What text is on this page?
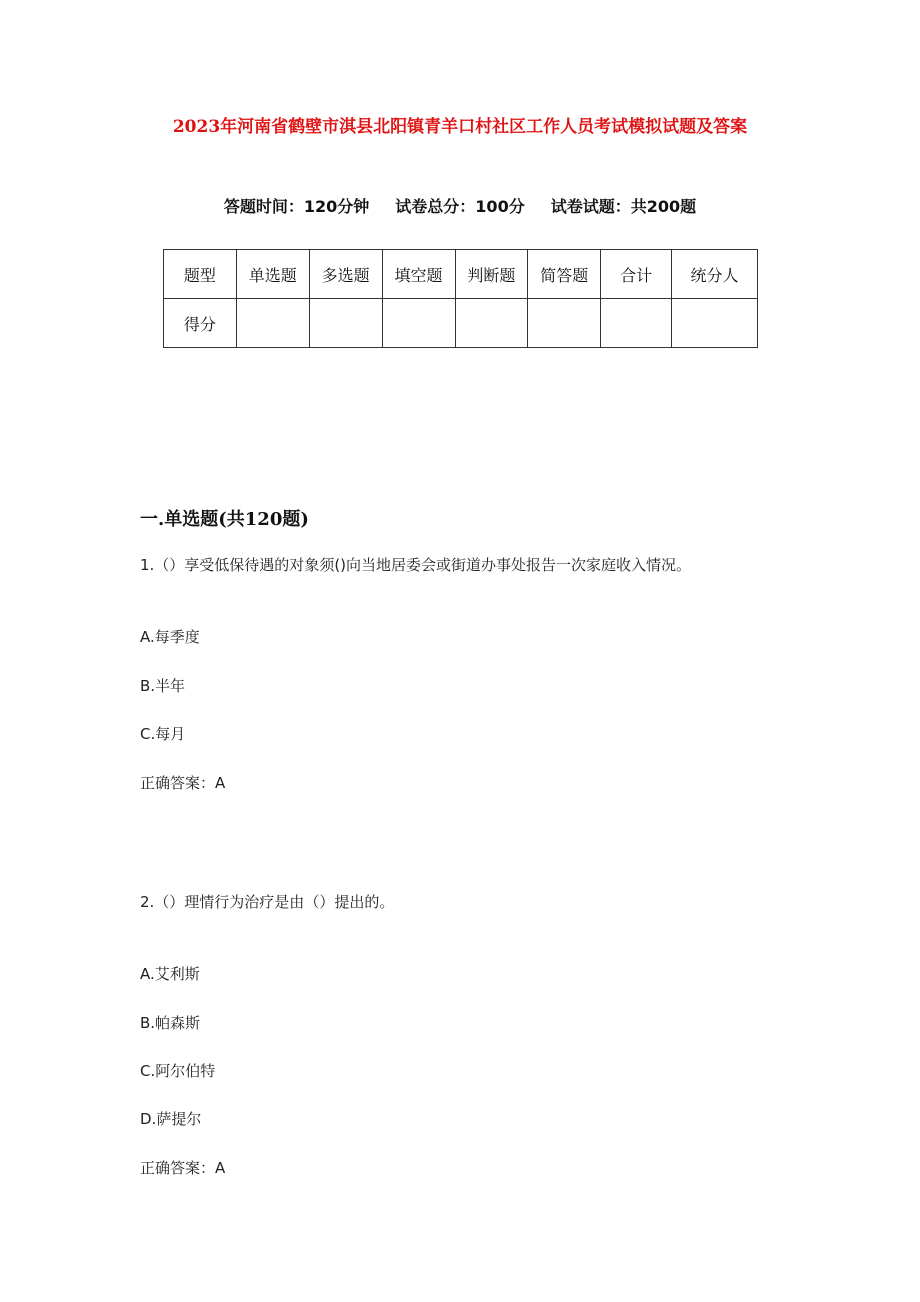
2023年河南省鹤壁市淇县北阳镇青羊口村社区工作人员考试模拟试题及答案
答题时间：120分钟 试卷总分：100分 试卷试题：共200题
题型	单选题	多选题	填空题	判断题	简答题	合计	统分人
得分							
一.单选题(共120题)
1.（）享受低保待遇的对象须()向当地居委会或街道办事处报告一次家庭收入情况。
A.每季度
B.半年
C.每月
正确答案：A
2.（）理情行为治疗是由（）提出的。
A.艾利斯
B.帕森斯
C.阿尔伯特
D.萨提尔
正确答案：A
